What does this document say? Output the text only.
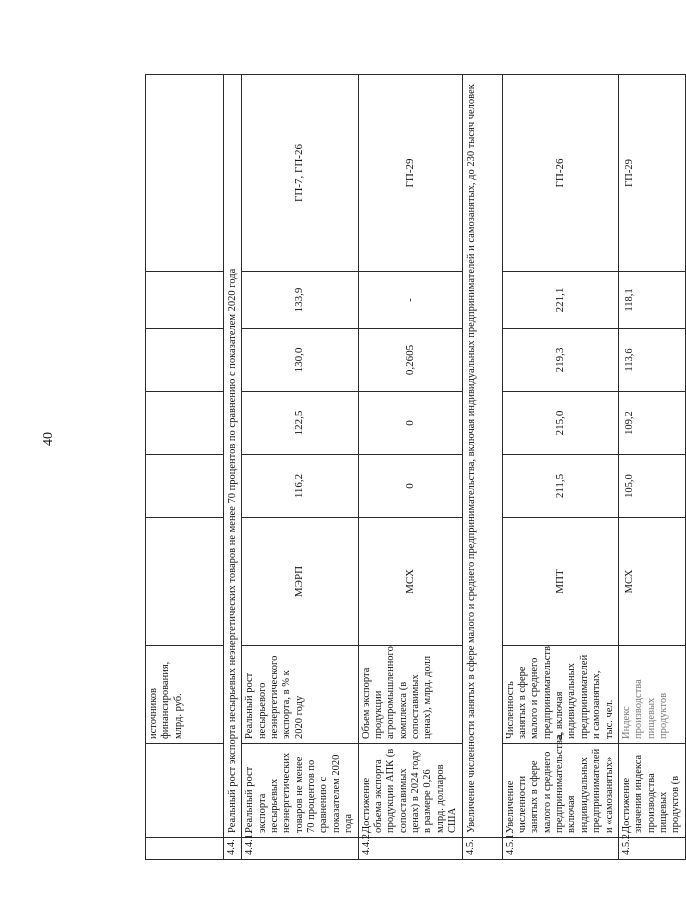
40
		источников финансирования, млрд. руб.						
4.4.	Реальный рост экспорта несырьевых неэнергетических товаров не менее 70 процентов по сравнению с показателем 2020 года							
4.4.1.	Реальный рост экспорта несырьевых неэнергетических товаров не менее 70 процентов по сравнению с показателем 2020 года	Реальный рост несырьевого неэнергетического экспорта, в % к 2020 году	МЭРП	116,2	122,5	130,0	133,9	ГП-7, ГП-26
4.4.2.	Достижение объема экспорта продукции АПК (в сопоставимых ценах) в 2024 году в размере 0,26 млрд. долларов США	Объем экспорта продукции агропромышленного комплекса (в сопоставимых ценах), млрд. долл	МСХ	0	0	0,2605	-	ГП-29
4.5.	Увеличение численности занятых в сфере малого и среднего предпринимательства, включая индивидуальных предпринимателей и самозанятых, до 230 тысяч человек							
4.5.1.	Увеличение численности занятых в сфере малого и среднего предпринимательства, включая индивидуальных предпринимателей и «самозанятых»	Численность занятых в сфере малого и среднего предпринимательств а, включая индивидуальных предпринимателей и самозанятых, тыс. чел.	МПТ	211,5	215,0	219,3	221,1	ГП-26
4.5.2.	Достижение значения индекса производства пищевых продуктов (в	Индекс производства пищевых продуктов	МСХ	105,0	109,2	113,6	118,1	ГП-29
